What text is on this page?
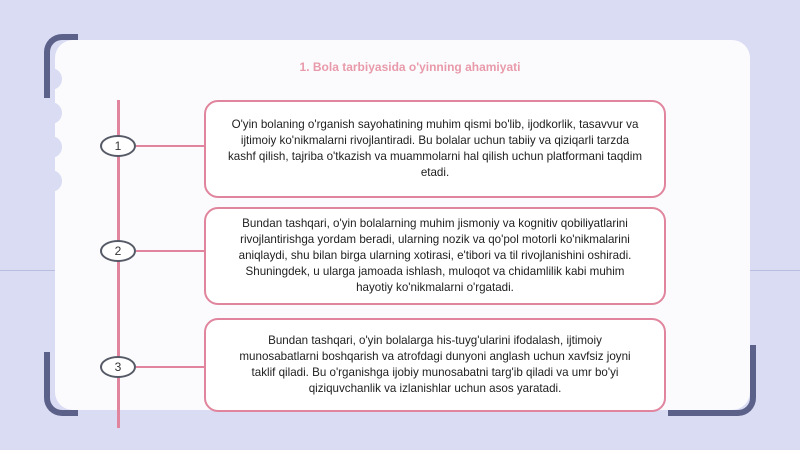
1. Bola tarbiyasida o'yinning ahamiyati
1
O'yin bolaning o'rganish sayohatining muhim qismi bo'lib, ijodkorlik, tasavvur va ijtimoiy ko'nikmalarni rivojlantiradi. Bu bolalar uchun tabiiy va qiziqarli tarzda kashf qilish, tajriba o'tkazish va muammolarni hal qilish uchun platformani taqdim etadi.
2
Bundan tashqari, o'yin bolalarning muhim jismoniy va kognitiv qobiliyatlarini rivojlantirishga yordam beradi, ularning nozik va qo'pol motorli ko'nikmalarini aniqlaydi, shu bilan birga ularning xotirasi, e'tibori va til rivojlanishini oshiradi. Shuningdek, u ularga jamoada ishlash, muloqot va chidamlilik kabi muhim hayotiy ko'nikmalarni o'rgatadi.
3
Bundan tashqari, o'yin bolalarga his-tuyg'ularini ifodalash, ijtimoiy munosabatlarni boshqarish va atrofdagi dunyoni anglash uchun xavfsiz joyni taklif qiladi. Bu o'rganishga ijobiy munosabatni targ'ib qiladi va umr bo'yi qiziquvchanlik va izlanishlar uchun asos yaratadi.
